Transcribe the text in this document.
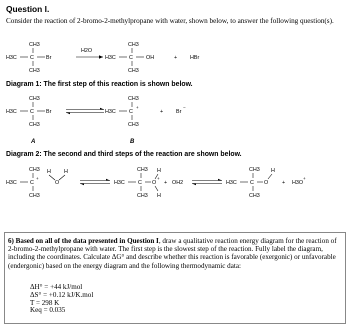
Question I.
Consider the reaction of 2-bromo-2-methylpropane with water, shown below, to answer the following question(s).
CH3
H3C C Br
CH3
H2O
CH3
H3C C OH
CH3
+ HBr
Diagram 1: The first step of this reaction is shown below.
CH3
H3C C Br
CH3
A
CH3
H3C C
+
CH3
B
+ Br
−
Diagram 2: The second and third steps of the reaction are shown below.
CH3
H3C C
+
CH3
H
O
H	CH3
H3C C O
+
H
H
CH3
+ OH2
CH3
H3C C O
H
CH3
+ H3O
+
6) Based on all of the data presented in Question I, draw a qualitative reaction energy diagram for the reaction of 2-bromo-2-methylpropane with water. The first step is the slowest step of the reaction. Fully label the diagram, including the coordinates. Calculate ΔG° and describe whether this reaction is favorable (exergonic) or unfavorable (endergonic) based on the energy diagram and the following thermodynamic data:
ΔH° = +44 kJ/mol
ΔS° = +0.12 kJ/K.mol
T = 298 K
Keq = 0.035
